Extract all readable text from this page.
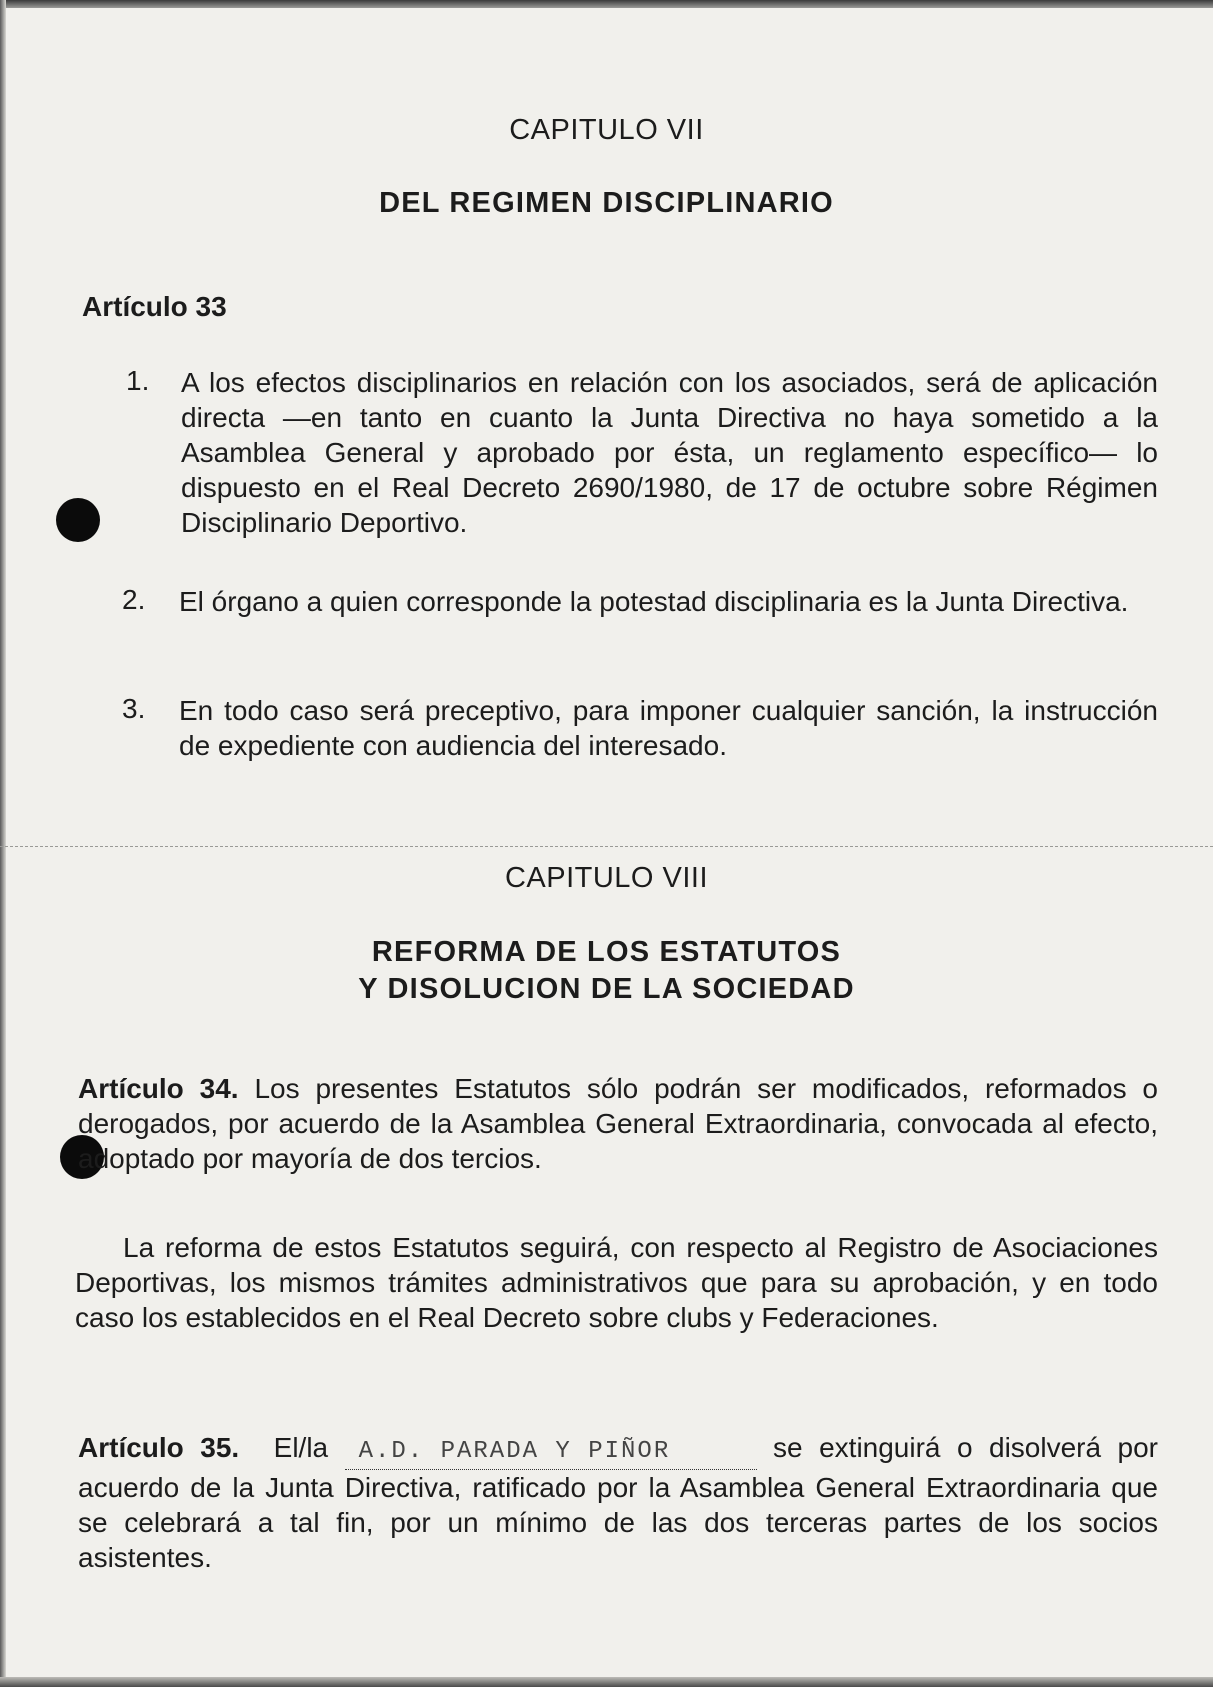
CAPITULO VII
DEL REGIMEN DISCIPLINARIO
Artículo 33
1. A los efectos disciplinarios en relación con los asociados, será de aplicación directa —en tanto en cuanto la Junta Directiva no haya sometido a la Asamblea General y aprobado por ésta, un reglamento específico— lo dispuesto en el Real Decreto 2690/1980, de 17 de octubre sobre Régimen Disciplinario Deportivo.
2. El órgano a quien corresponde la potestad disciplinaria es la Junta Directiva.
3. En todo caso será preceptivo, para imponer cualquier sanción, la instrucción de expediente con audiencia del interesado.
CAPITULO VIII
REFORMA DE LOS ESTATUTOS
Y DISOLUCION DE LA SOCIEDAD
Artículo 34. Los presentes Estatutos sólo podrán ser modificados, reformados o derogados, por acuerdo de la Asamblea General Extraordinaria, convocada al efecto, adoptado por mayoría de dos tercios.
La reforma de estos Estatutos seguirá, con respecto al Registro de Asociaciones Deportivas, los mismos trámites administrativos que para su aprobación, y en todo caso los establecidos en el Real Decreto sobre clubs y Federaciones.
Artículo 35. El/la A.D. PARADA Y PIÑOR	se extinguirá o disolverá por acuerdo de la Junta Directiva, ratificado por la Asamblea General Extraordinaria que se celebrará a tal fin, por un mínimo de las dos terceras partes de los socios asistentes.
